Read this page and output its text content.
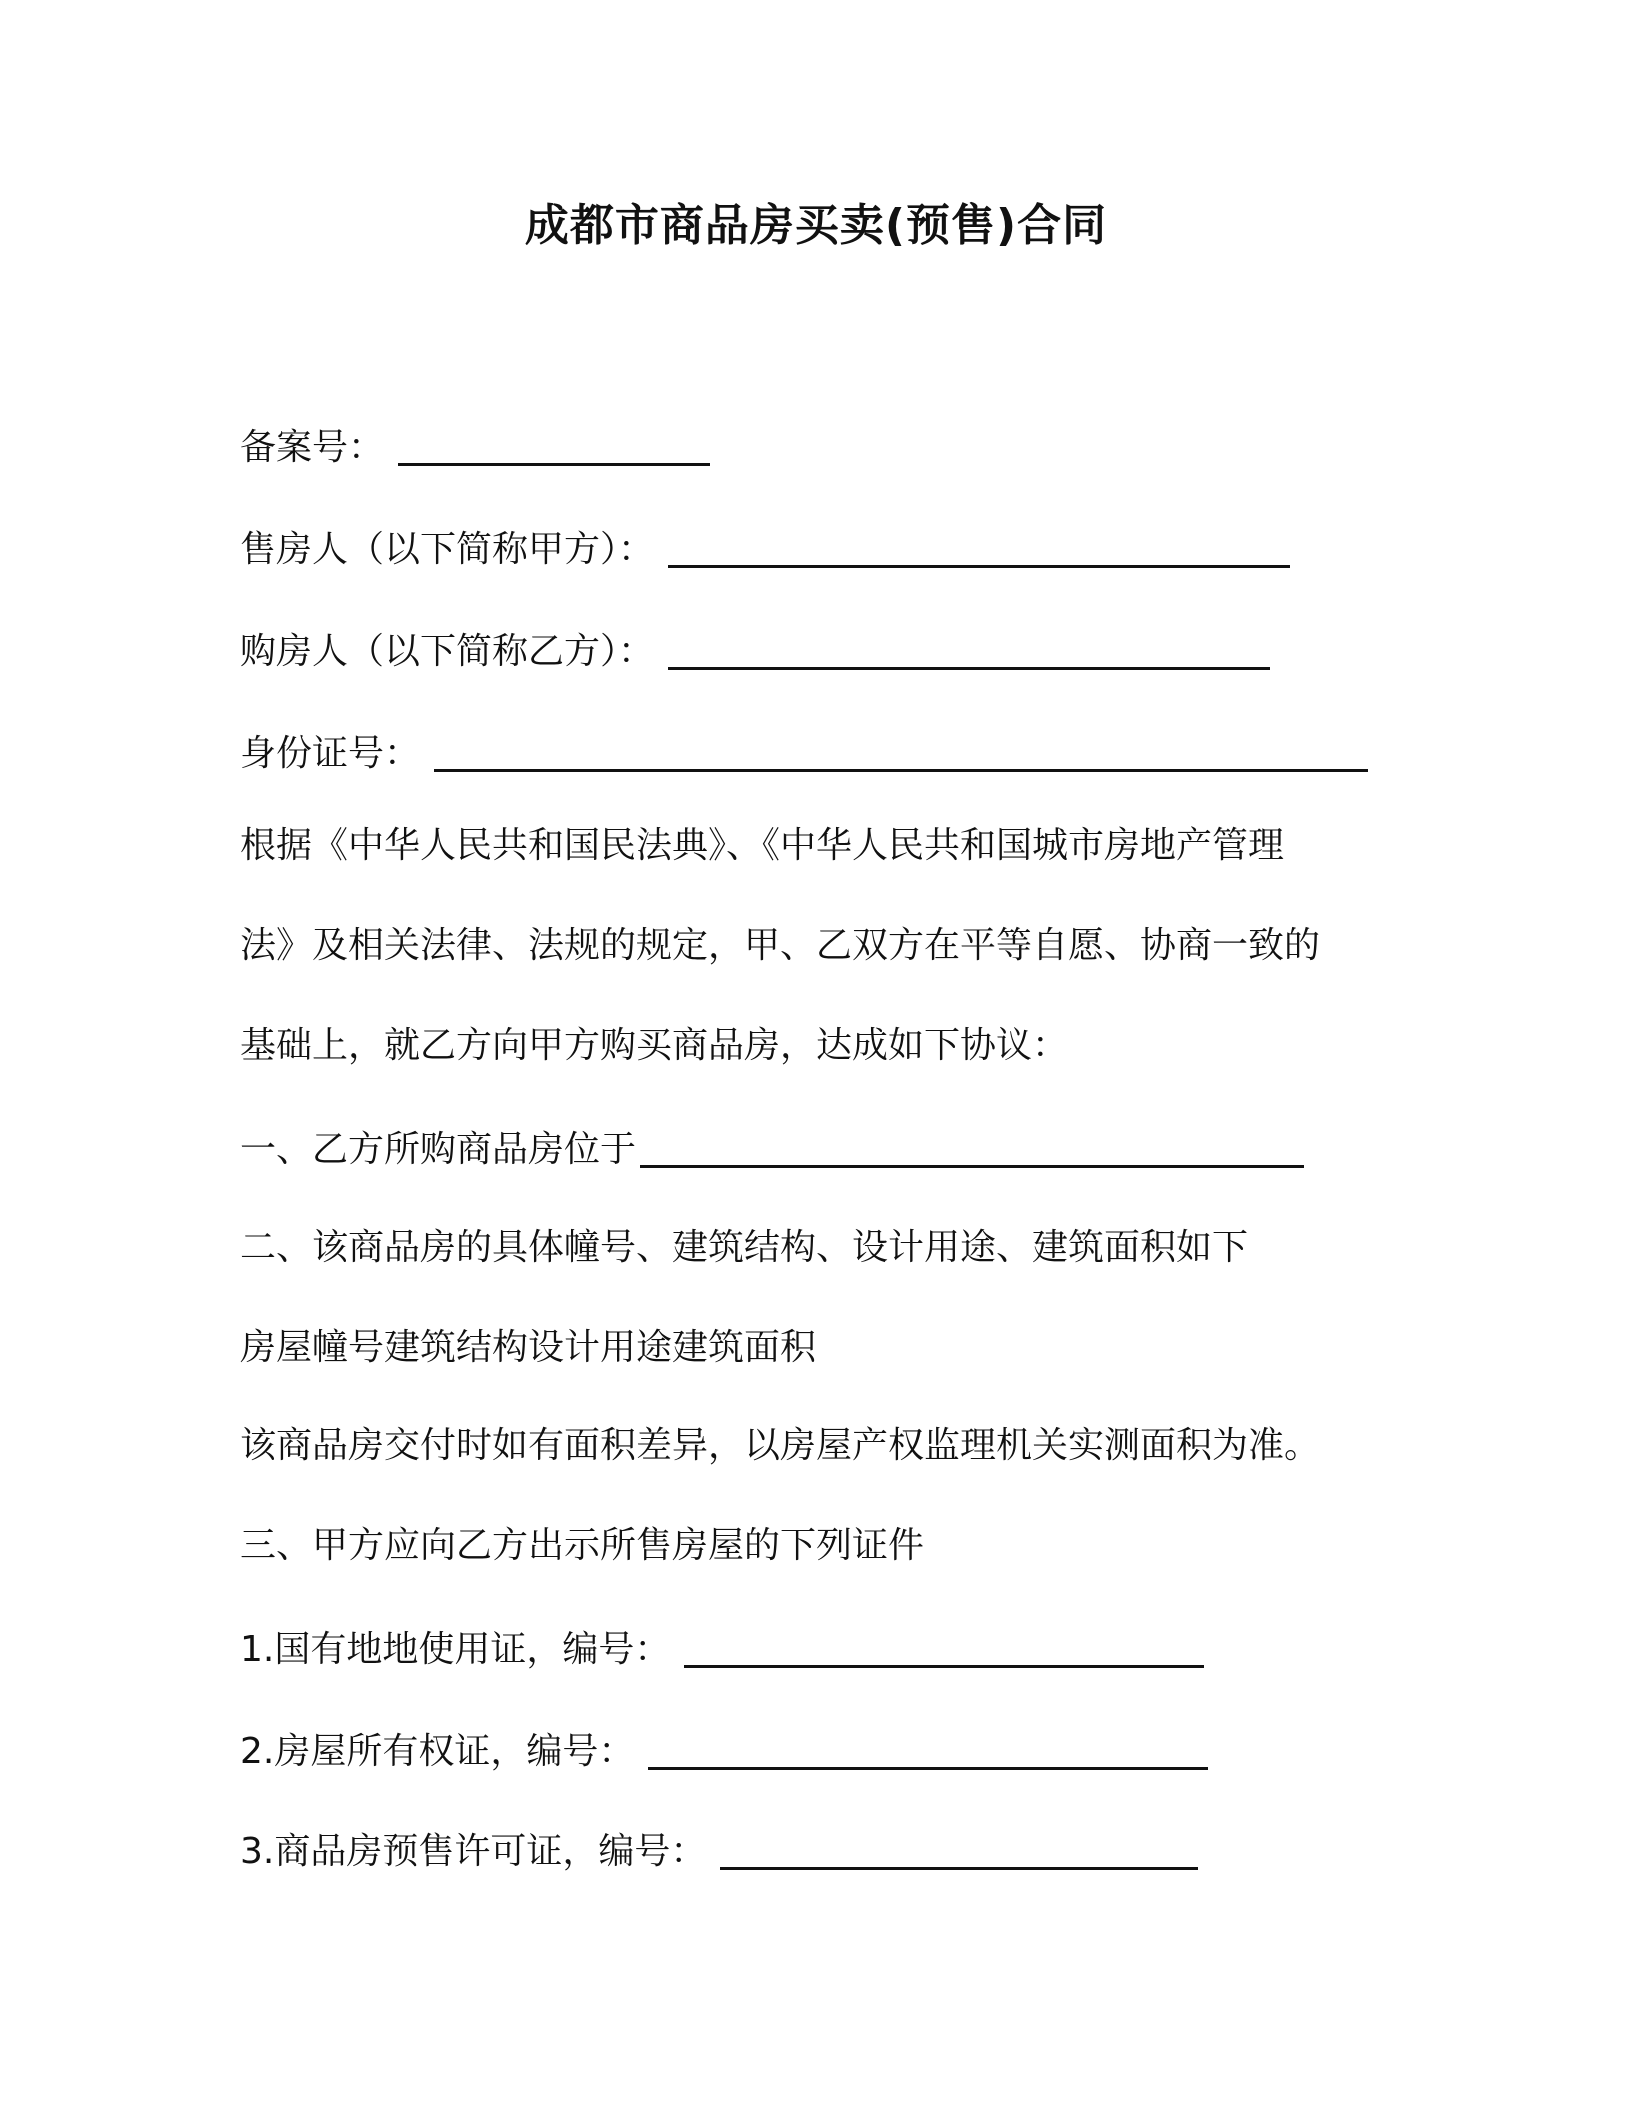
成都市商品房买卖(预售)合同
备案号：
售房人（以下简称甲方）：
购房人（以下简称乙方）：
身份证号：
根据《中华人民共和国民法典》、《中华人民共和国城市房地产管理
法》及相关法律、法规的规定，甲、乙双方在平等自愿、协商一致的
基础上，就乙方向甲方购买商品房，达成如下协议：
一、乙方所购商品房位于
二、该商品房的具体幢号、建筑结构、设计用途、建筑面积如下
房屋幢号建筑结构设计用途建筑面积
该商品房交付时如有面积差异，以房屋产权监理机关实测面积为准。
三、甲方应向乙方出示所售房屋的下列证件
1.国有地地使用证，编号：
2.房屋所有权证，编号：
3.商品房预售许可证，编号：
